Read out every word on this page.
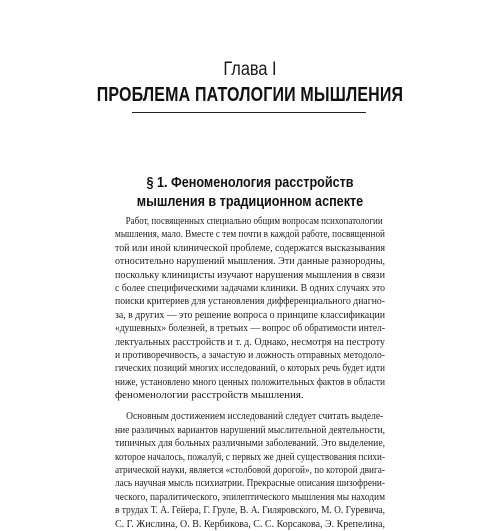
Глава I
ПРОБЛЕМА ПАТОЛОГИИ МЫШЛЕНИЯ
§ 1. Феноменология расстройств
мышления в традиционном аспекте

Работ, посвященных специально общим вопросам психопатологии
мышления, мало. Вместе с тем почти в каждой работе, посвященной
той или иной клинической проблеме, содержатся высказывания
относительно нарушений мышления. Эти данные разнородны,
поскольку клиницисты изучают нарушения мышления в связи
с более специфическими задачами клиники. В одних случаях это
поиски критериев для установления дифференциального диагно-
за, в других — это решение вопроса о принципе классификации
«душевных» болезней, в третьих — вопрос об обратимости интел-
лектуальных расстройств и т. д. Однако, несмотря на пестроту
и противоречивость, а зачастую и ложность отправных методоло-
гических позиций многих исследований, о которых речь будет идти
ниже, установлено много ценных положительных фактов в области
феноменологии расстройств мышления.

Основным достижением исследований следует считать выделе-
ние различных вариантов нарушений мыслительной деятельности,
типичных для больных различными заболеваний. Это выделение,
которое началось, пожалуй, с первых же дней существования психи-
атрической науки, является «столбовой дорогой», по которой двига-
лась научная мысль психиатрии. Прекрасные описания шизофрени-
ческого, паралитического, эпилептического мышления мы находим
в трудах Т. А. Гейера, Г. Груле, В. А. Гиляровского, М. О. Гуревича,
С. Г. Жислина, О. В. Кербикова, С. С. Корсакова, Э. Крепелина,
